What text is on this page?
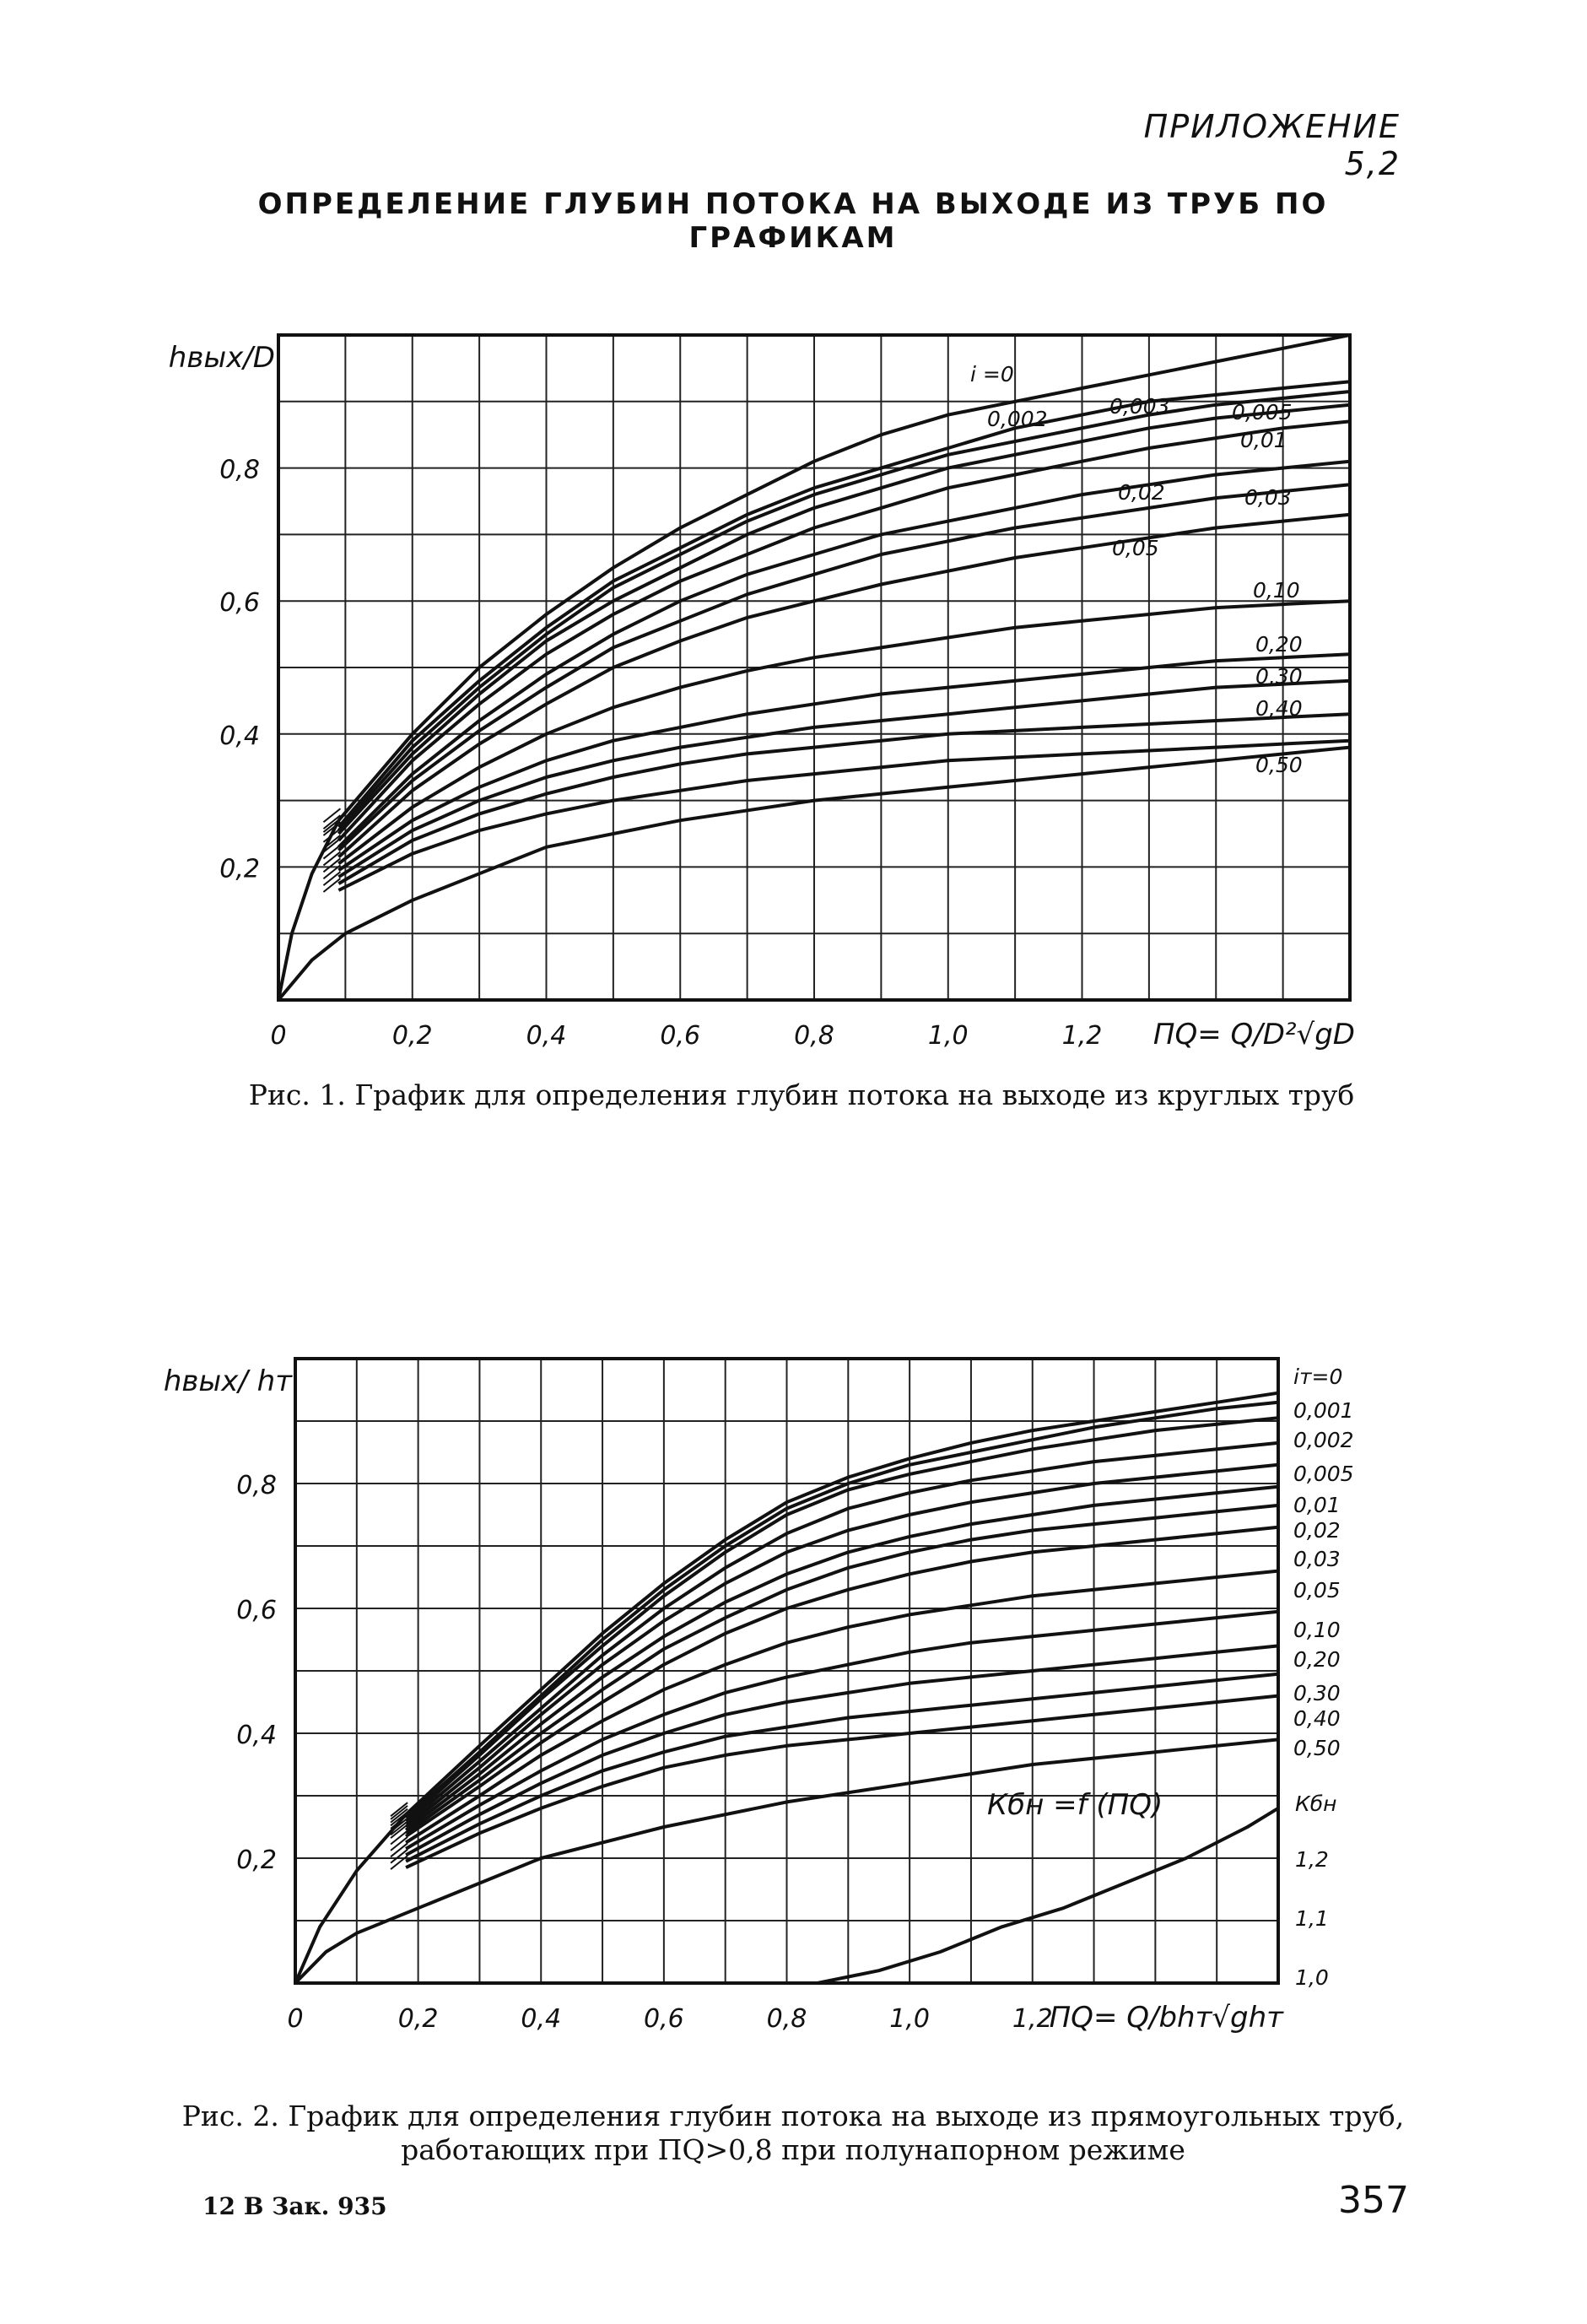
ПРИЛОЖЕНИЕ 5,2
ОПРЕДЕЛЕНИЕ ГЛУБИН ПОТОКА НА ВЫХОДЕ ИЗ ТРУБ ПО ГРАФИКАМ
0	0,2	0,4	0,6	0,8	1,0	1,2
0,2
0,4
0,6
0,8
hвых/D
ΠQ= Q/D²√gD
i =0
0,002
0,003	0,005
0,01
0,02	0,03
0,05
0,10
0,20
0,30
0,40
0,50

Рис. 1. График для определения глубин потока на выходе из круглых труб

0	0,2	0,4	0,6	0,8	1,0	1,2
0,2
0,4
0,6
0,8
hвых/ hт
ΠQ= Q/bhт√ghт
iт=0
0,001
0,002
0,005
0,01
0,02
0,03
0,05
0,10
0,20
0,30
0,40
0,50
Кбн
1,2
1,1
1,0
Кбн =f (ΠQ)

Рис. 2. График для определения глубин потока на выходе из прямоугольных труб,
работающих при ΠQ>0,8 при полунапорном режиме

12 В Зак. 935	357
